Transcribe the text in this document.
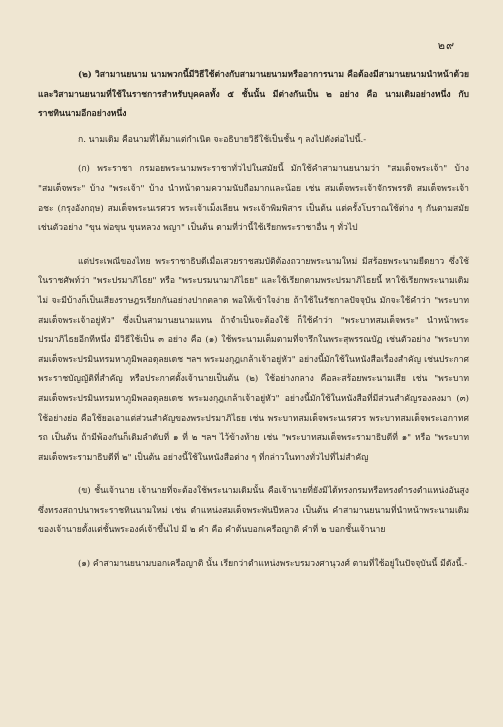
๒๙

(๒) วิสามานยนาม นามพวกนี้มีวิธีใช้ต่างกับสามานยนามหรืออาการนาม คือต้องมีสามานยนามนำหน้าด้วย และวิสามานยนามที่ใช้ในราชการสำหรับบุคคลทั้ง ๕ ชั้นนั้น มีต่างกันเป็น ๒ อย่าง คือ นามเดิมอย่างหนึ่ง กับราชทินนามอีกอย่างหนึ่ง

ก. นามเดิม คือนามที่ได้มาแต่กำเนิด จะอธิบายวิธีใช้เป็นชั้น ๆ ลงไปดังต่อไปนี้.-

(ก) พระราชา กรมอยพระนามพระราชาทั่วไปในสมัยนี้ มักใช้คำสามานยนามว่า "สมเด็จพระเจ้า" บ้าง "สมเด็จพระ" บ้าง "พระเจ้า" บ้าง นำหน้าตามความนับถือมากและน้อย เช่น สมเด็จพระเจ้าจักรพรรดิ สมเด็จพระเจ้าอชะ (กรุงอังกฤษ) สมเด็จพระนเรศวร พระเจ้าเม็งเลียน พระเจ้าพิมพิสาร เป็นต้น แต่ครั้งโบราณใช้ต่าง ๆ กันตามสมัย เช่นตัวอย่าง "ขุน พ่อขุน ขุนหลวง พญา" เป็นต้น ตามที่ว่านี้ใช้เรียกพระราชาอื่น ๆ ทั่วไป

แต่ประเพณีของไทย พระราชาธิบดีเมื่อเสวยราชสมบัติต้องถวายพระนามใหม่ มีสร้อยพระนามยืดยาว ซึ่งใช้ในราชศัพท์ว่า "พระปรมาภิไธย" หรือ "พระบรมนามาภิไธย" และใช้เรียกตามพระปรมาภิไธยนี้ หาใช้เรียกพระนามเดิมไม่ จะมีบ้างก็เป็นเสียงราษฎรเรียกกันอย่างปากตลาด พอให้เข้าใจง่าย ถ้าใช้ในรัชกาลปัจจุบัน มักจะใช้คำว่า "พระบาทสมเด็จพระเจ้าอยู่หัว" ซึ่งเป็นสามานยนามแทน ถ้าจำเป็นจะต้องใช้ ก็ใช้คำว่า "พระบาทสมเด็จพระ" นำหน้าพระปรมาภิไธยอีกทีหนึ่ง มีวิธีใช้เป็น ๓ อย่าง คือ (๑) ใช้พระนามเต็มตามที่จารึกในพระสุพรรณบัฏ เช่นตัวอย่าง "พระบาทสมเด็จพระปรมินทรมหาภูมิพลอดุลยเดช ฯลฯ พระมงกุฎเกล้าเจ้าอยู่หัว" อย่างนี้มักใช้ในหนังสือเรื่องสำคัญ เช่นประกาศพระราชบัญญัติที่สำคัญ หรือประกาศตั้งเจ้านายเป็นต้น (๒) ใช้อย่างกลาง คือละสร้อยพระนามเสีย เช่น "พระบาทสมเด็จพระปรมินทรมหาภูมิพลอดุลยเดช พระมงกุฎเกล้าเจ้าอยู่หัว" อย่างนี้มักใช้ในหนังสือที่มีส่วนสำคัญรองลงมา (๓) ใช้อย่างย่อ คือใช้ยอเอาแต่ส่วนสำคัญของพระปรมาภิไธย เช่น พระบาทสมเด็จพระนเรศวร พระบาทสมเด็จพระเอกาทศรถ เป็นต้น ถ้ามีพ้องกันก็เติมลำดับที่ ๑ ที่ ๒ ฯลฯ ไว้ข้างท้าย เช่น "พระบาทสมเด็จพระรามาธิบดีที่ ๑" หรือ "พระบาทสมเด็จพระรามาธิบดีที่ ๒" เป็นต้น อย่างนี้ใช้ในหนังสือต่าง ๆ ที่กล่าวในทางทั่วไปที่ไม่สำคัญ

(ข) ชั้นเจ้านาย เจ้านายที่จะต้องใช้พระนามเดิมนั้น คือเจ้านายที่ยังมิได้ทรงกรมหรือทรงดำรงตำแหน่งอันสูงซึ่งทรงสถาปนาพระราชทินนามใหม่ เช่น ตำแหน่งสมเด็จพระพันปีหลวง เป็นต้น คำสามานยนามที่นำหน้าพระนามเดิมของเจ้านายตั้งแต่ชั้นพระองค์เจ้าขึ้นไป มี ๒ คำ คือ คำต้นบอกเครือญาติ คำที่ ๒ บอกชั้นเจ้านาย

(๑) คำสามานยนามบอกเครือญาติ นั้น เรียกว่าตำแหน่งพระบรมวงศานุวงศ์ ตามที่ใช้อยู่ในปัจจุบันนี้ มีดังนี้.-
